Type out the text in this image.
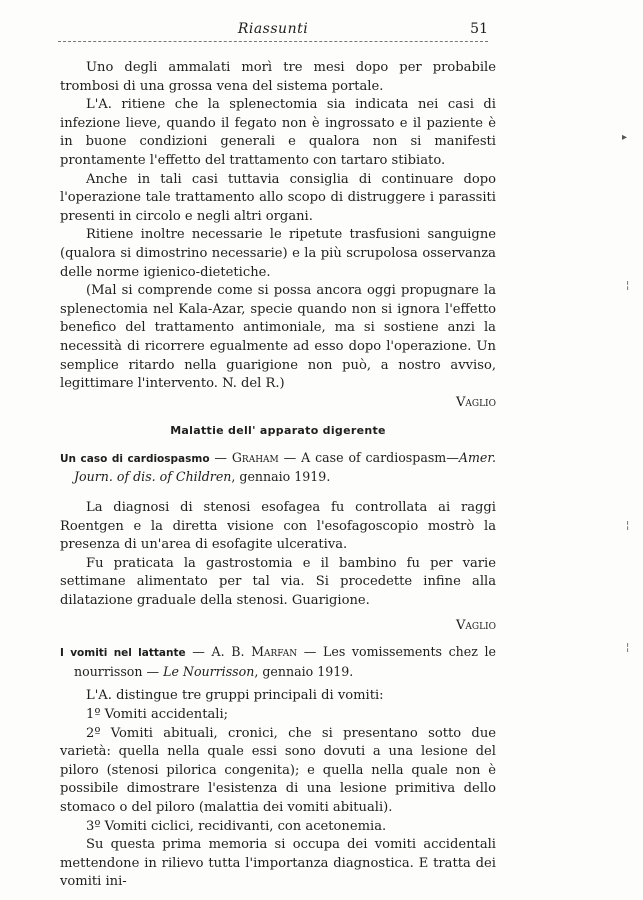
Riassunti	51

Uno degli ammalati morì tre mesi dopo per probabile trombosi di una grossa vena del sistema portale.

L'A. ritiene che la splenectomia sia indicata nei casi di infezione lieve, quando il fegato non è ingrossato e il paziente è in buone condizioni generali e qualora non si manifesti prontamente l'effetto del trattamento con tartaro stibiato.

Anche in tali casi tuttavia consiglia di continuare dopo l'operazione tale trattamento allo scopo di distruggere i parassiti presenti in circolo e negli altri organi.

Ritiene inoltre necessarie le ripetute trasfusioni sanguigne (qualora si dimostrino necessarie) e la più scrupolosa osservanza delle norme igienico-dietetiche.

(Mal si comprende come si possa ancora oggi propugnare la splenectomia nel Kala-Azar, specie quando non si ignora l'effetto benefico del trattamento antimoniale, ma si sostiene anzi la necessità di ricorrere egualmente ad esso dopo l'operazione. Un semplice ritardo nella guarigione non può, a nostro avviso, legittimare l'intervento. N. del R.)

Vaglio

Malattie dell' apparato digerente

Un caso di cardiospasmo — Graham — A case of cardiospasm—Amer. Journ. of dis. of Children, gennaio 1919.

La diagnosi di stenosi esofagea fu controllata ai raggi Roentgen e la diretta visione con l'esofagoscopio mostrò la presenza di un'area di esofagite ulcerativa.

Fu praticata la gastrostomia e il bambino fu per varie settimane alimentato per tal via. Si procedette infine alla dilatazione graduale della stenosi. Guarigione.

Vaglio

I vomiti nel lattante — A. B. Marfan — Les vomissements chez le nourrisson — Le Nourrisson, gennaio 1919.

L'A. distingue tre gruppi principali di vomiti:

1º Vomiti accidentali;

2º Vomiti abituali, cronici, che si presentano sotto due varietà: quella nella quale essi sono dovuti a una lesione del piloro (stenosi pilorica congenita); e quella nella quale non è possibile dimostrare l'esistenza di una lesione primitiva dello stomaco o del piloro (malattia dei vomiti abituali).

3º Vomiti ciclici, recidivanti, con acetonemia.

Su questa prima memoria si occupa dei vomiti accidentali mettendone in rilievo tutta l'importanza diagnostica. E tratta dei vomiti ini-

▸
¦
¦
¦
